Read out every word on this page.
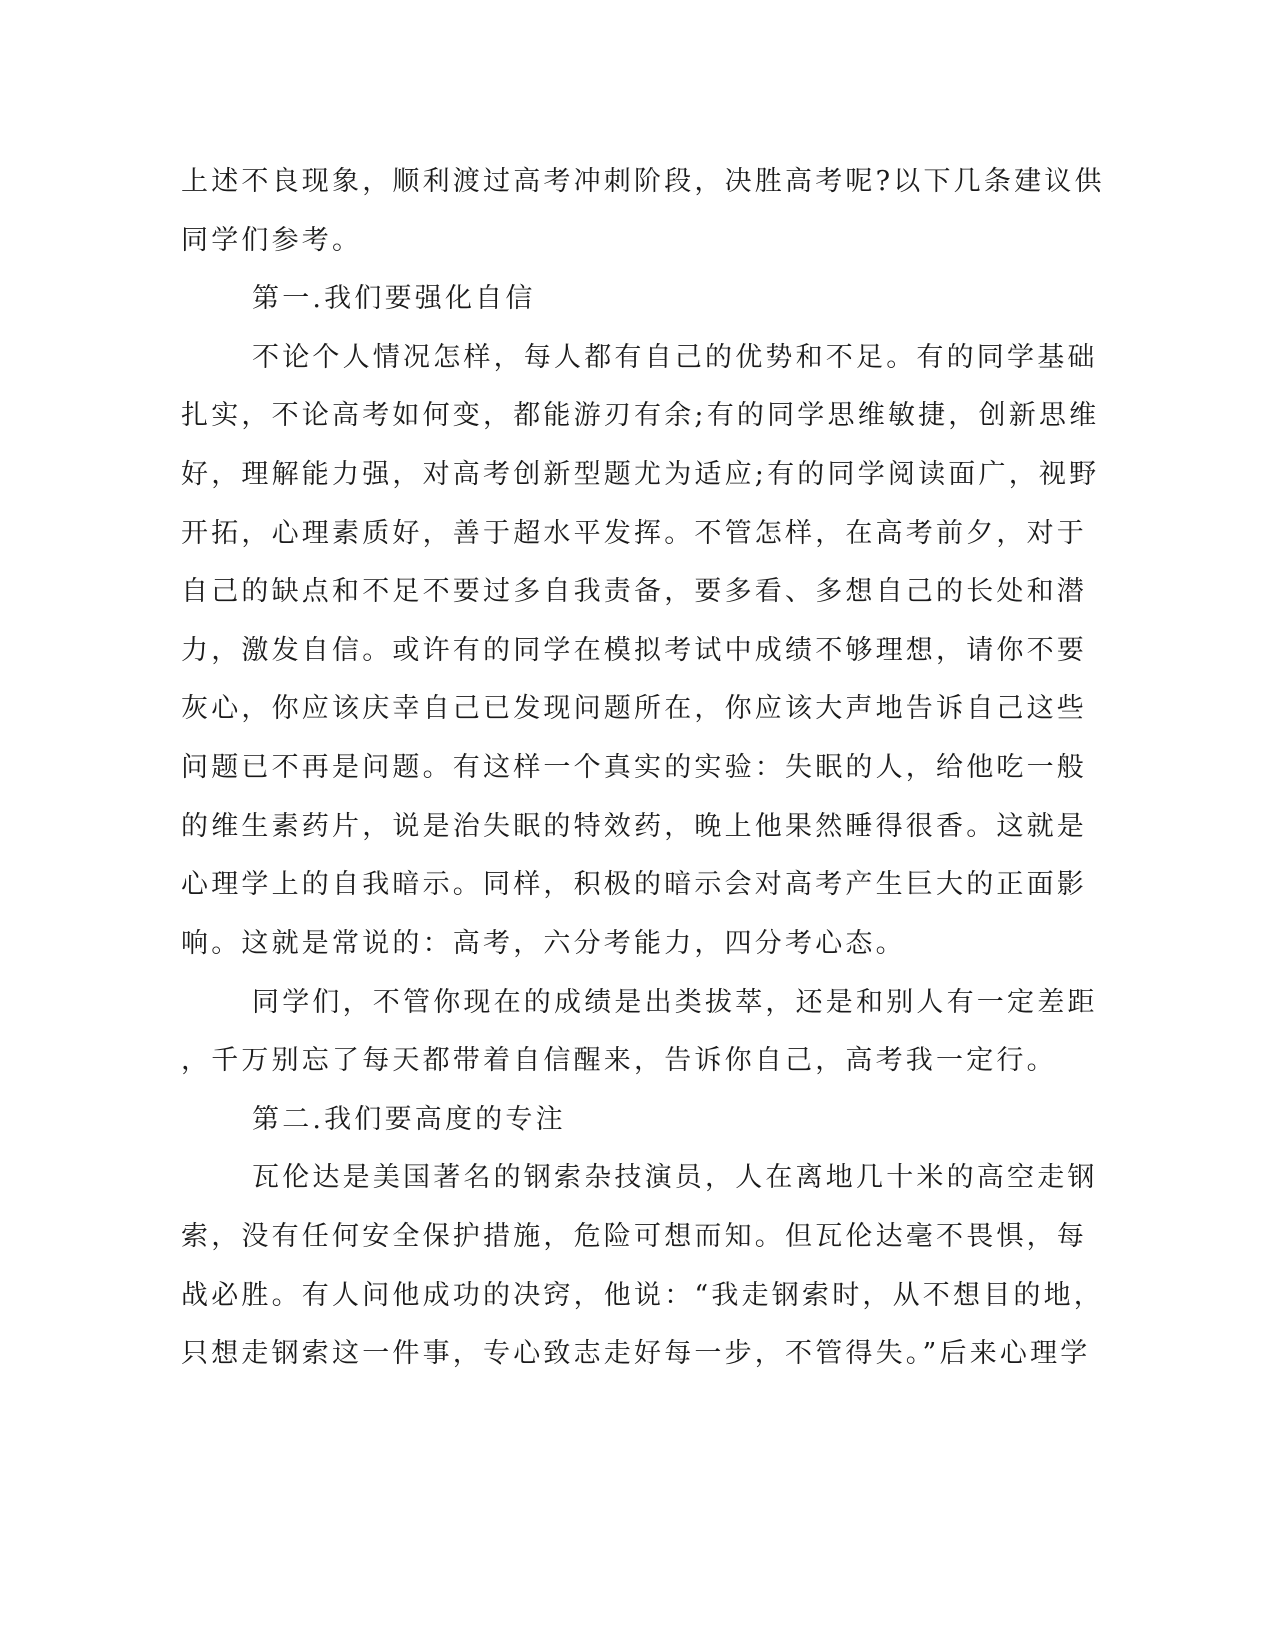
上述不良现象，顺利渡过高考冲刺阶段，决胜高考呢?以下几条建议供

同学们参考。

第一.我们要强化自信

不论个人情况怎样，每人都有自己的优势和不足。有的同学基础

扎实，不论高考如何变，都能游刃有余;有的同学思维敏捷，创新思维

好，理解能力强，对高考创新型题尤为适应;有的同学阅读面广，视野

开拓，心理素质好，善于超水平发挥。不管怎样，在高考前夕，对于

自己的缺点和不足不要过多自我责备，要多看、多想自己的长处和潜

力，激发自信。或许有的同学在模拟考试中成绩不够理想，请你不要

灰心，你应该庆幸自己已发现问题所在，你应该大声地告诉自己这些

问题已不再是问题。有这样一个真实的实验：失眠的人，给他吃一般

的维生素药片，说是治失眠的特效药，晚上他果然睡得很香。这就是

心理学上的自我暗示。同样，积极的暗示会对高考产生巨大的正面影

响。这就是常说的：高考，六分考能力，四分考心态。

同学们，不管你现在的成绩是出类拔萃，还是和别人有一定差距

，千万别忘了每天都带着自信醒来，告诉你自己，高考我一定行。

第二.我们要高度的专注

瓦伦达是美国著名的钢索杂技演员，人在离地几十米的高空走钢

索，没有任何安全保护措施，危险可想而知。但瓦伦达毫不畏惧，每

战必胜。有人问他成功的决窍，他说：“我走钢索时，从不想目的地，

只想走钢索这一件事，专心致志走好每一步，不管得失。”后来心理学
